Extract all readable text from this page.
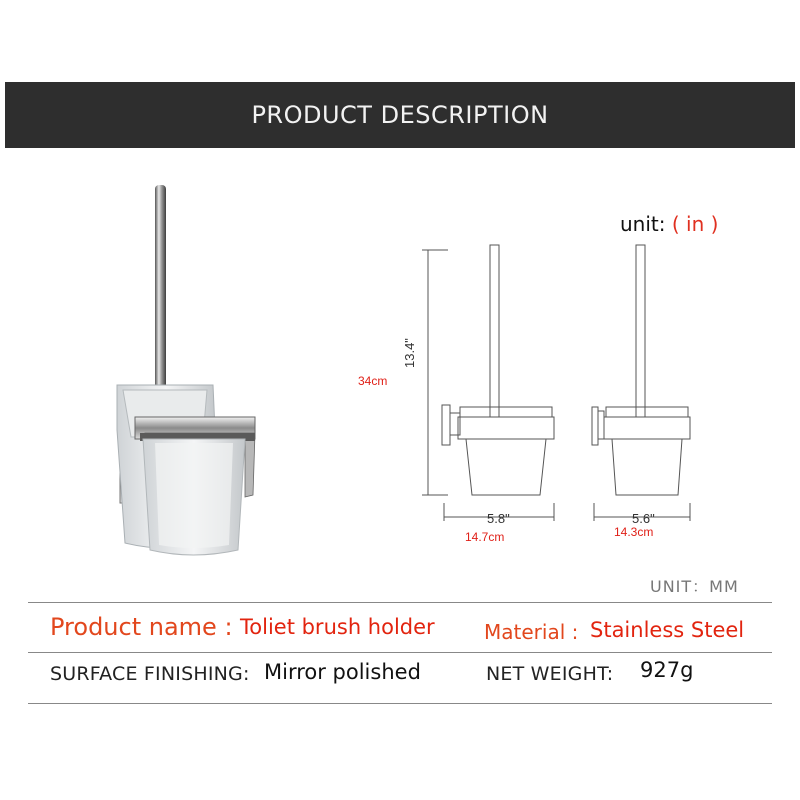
PRODUCT DESCRIPTION
unit: ( in )
13.4"
34cm
5.8"
14.7cm
5.6"
14.3cm
UNIT：MM
Product name : Toliet brush holder Material : Stainless Steel
SURFACE FINISHING: Mirror polished	NET WEIGHT: 927g
